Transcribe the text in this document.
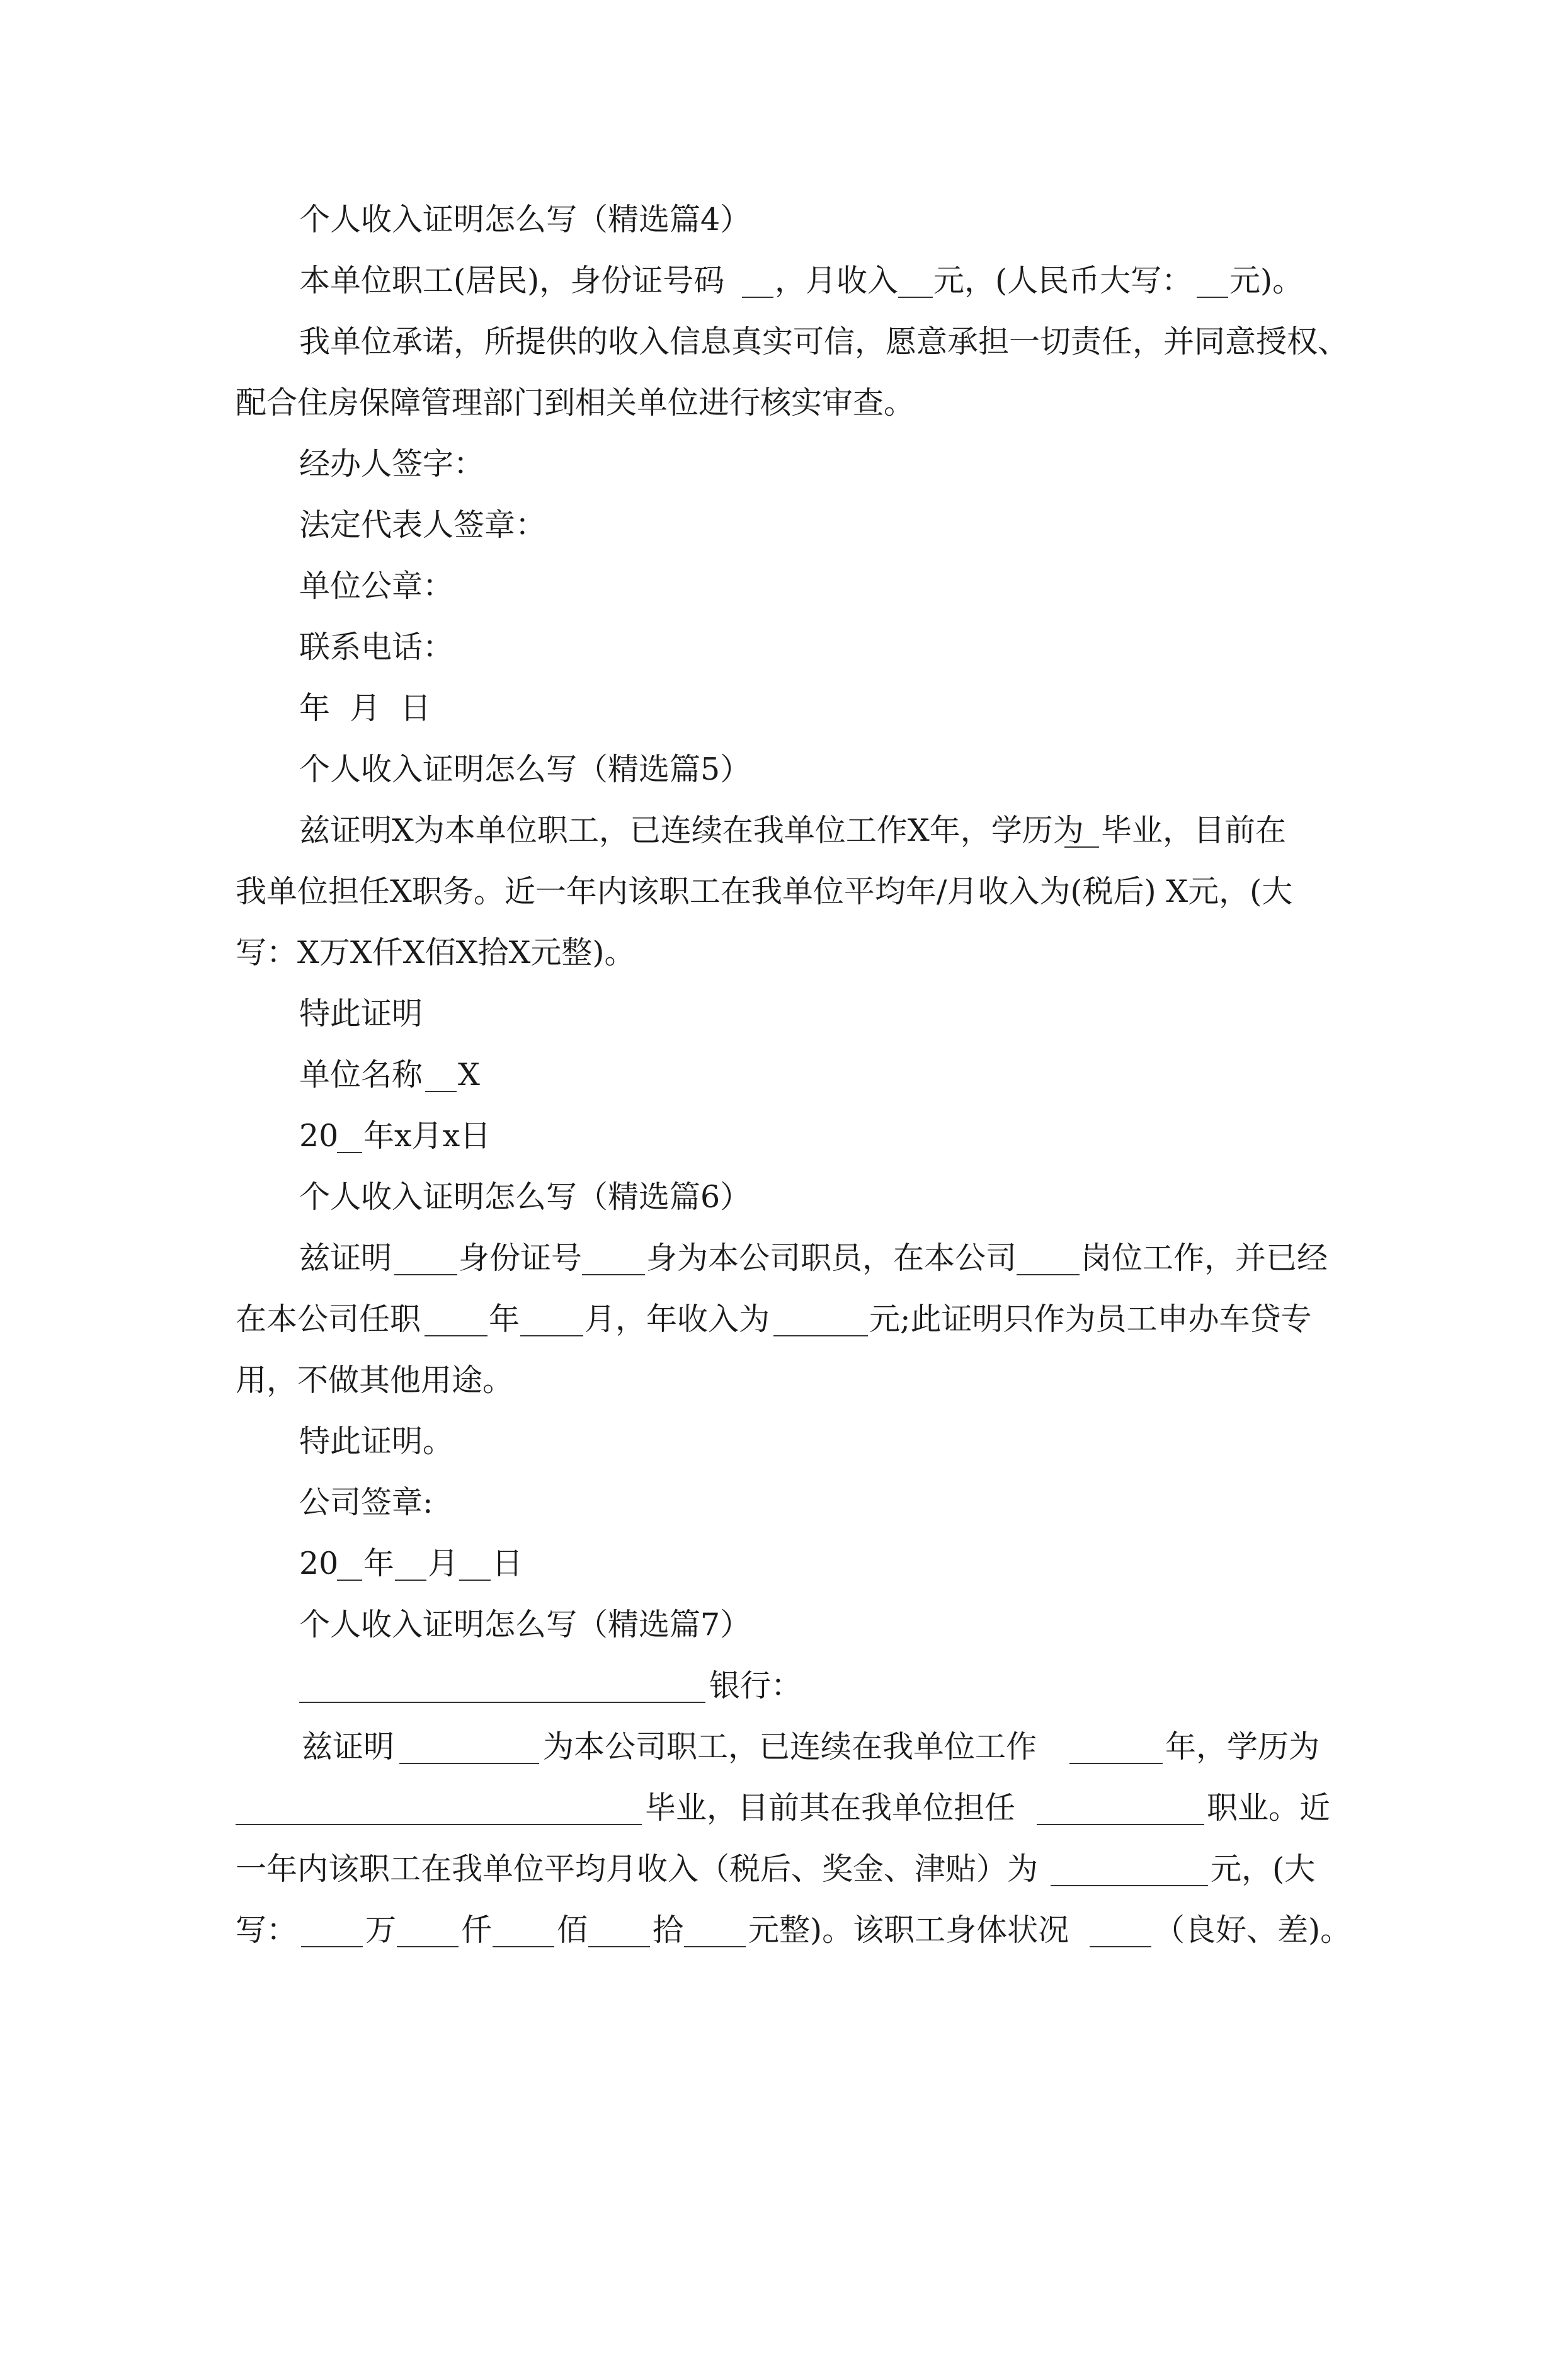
个人收入证明怎么写（精选篇4）

本单位职工(居民)，身份证号码

，月收入

元，(人民币大写：

元)。

我单位承诺，所提供的收入信息真实可信，愿意承担一切责任，并同意授权、

配合住房保障管理部门到相关单位进行核实审查。

经办人签字：

法定代表人签章：

单位公章：

联系电话：

年  月  日

个人收入证明怎么写（精选篇5）

兹证明X为本单位职工，已连续在我单位工作X年，学历为

毕业，目前在

我单位担任X职务。近一年内该职工在我单位平均年/月收入为(税后) X元，(大

写：X万X仟X佰X拾X元整)。

特此证明

单位名称

X

20

年x月x日

个人收入证明怎么写（精选篇6）

兹证明

身份证号

身为本公司职员，在本公司

岗位工作，并已经

在本公司任职

年

月，年收入为

	元;此证明只作为员工申办车贷专

用，不做其他用途。

特此证明。

公司签章:

20

年

月

日

个人收入证明怎么写（精选篇7）

银行：

兹证明

	为本公司职工，已连续在我单位工作

	年，学历为

毕业，目前其在我单位担任

	职业。近

一年内该职工在我单位平均月收入（税后、奖金、津贴）为

	元，(大

写：

万

仟

佰

拾

元整)。该职工身体状况

	（良好、差)。
